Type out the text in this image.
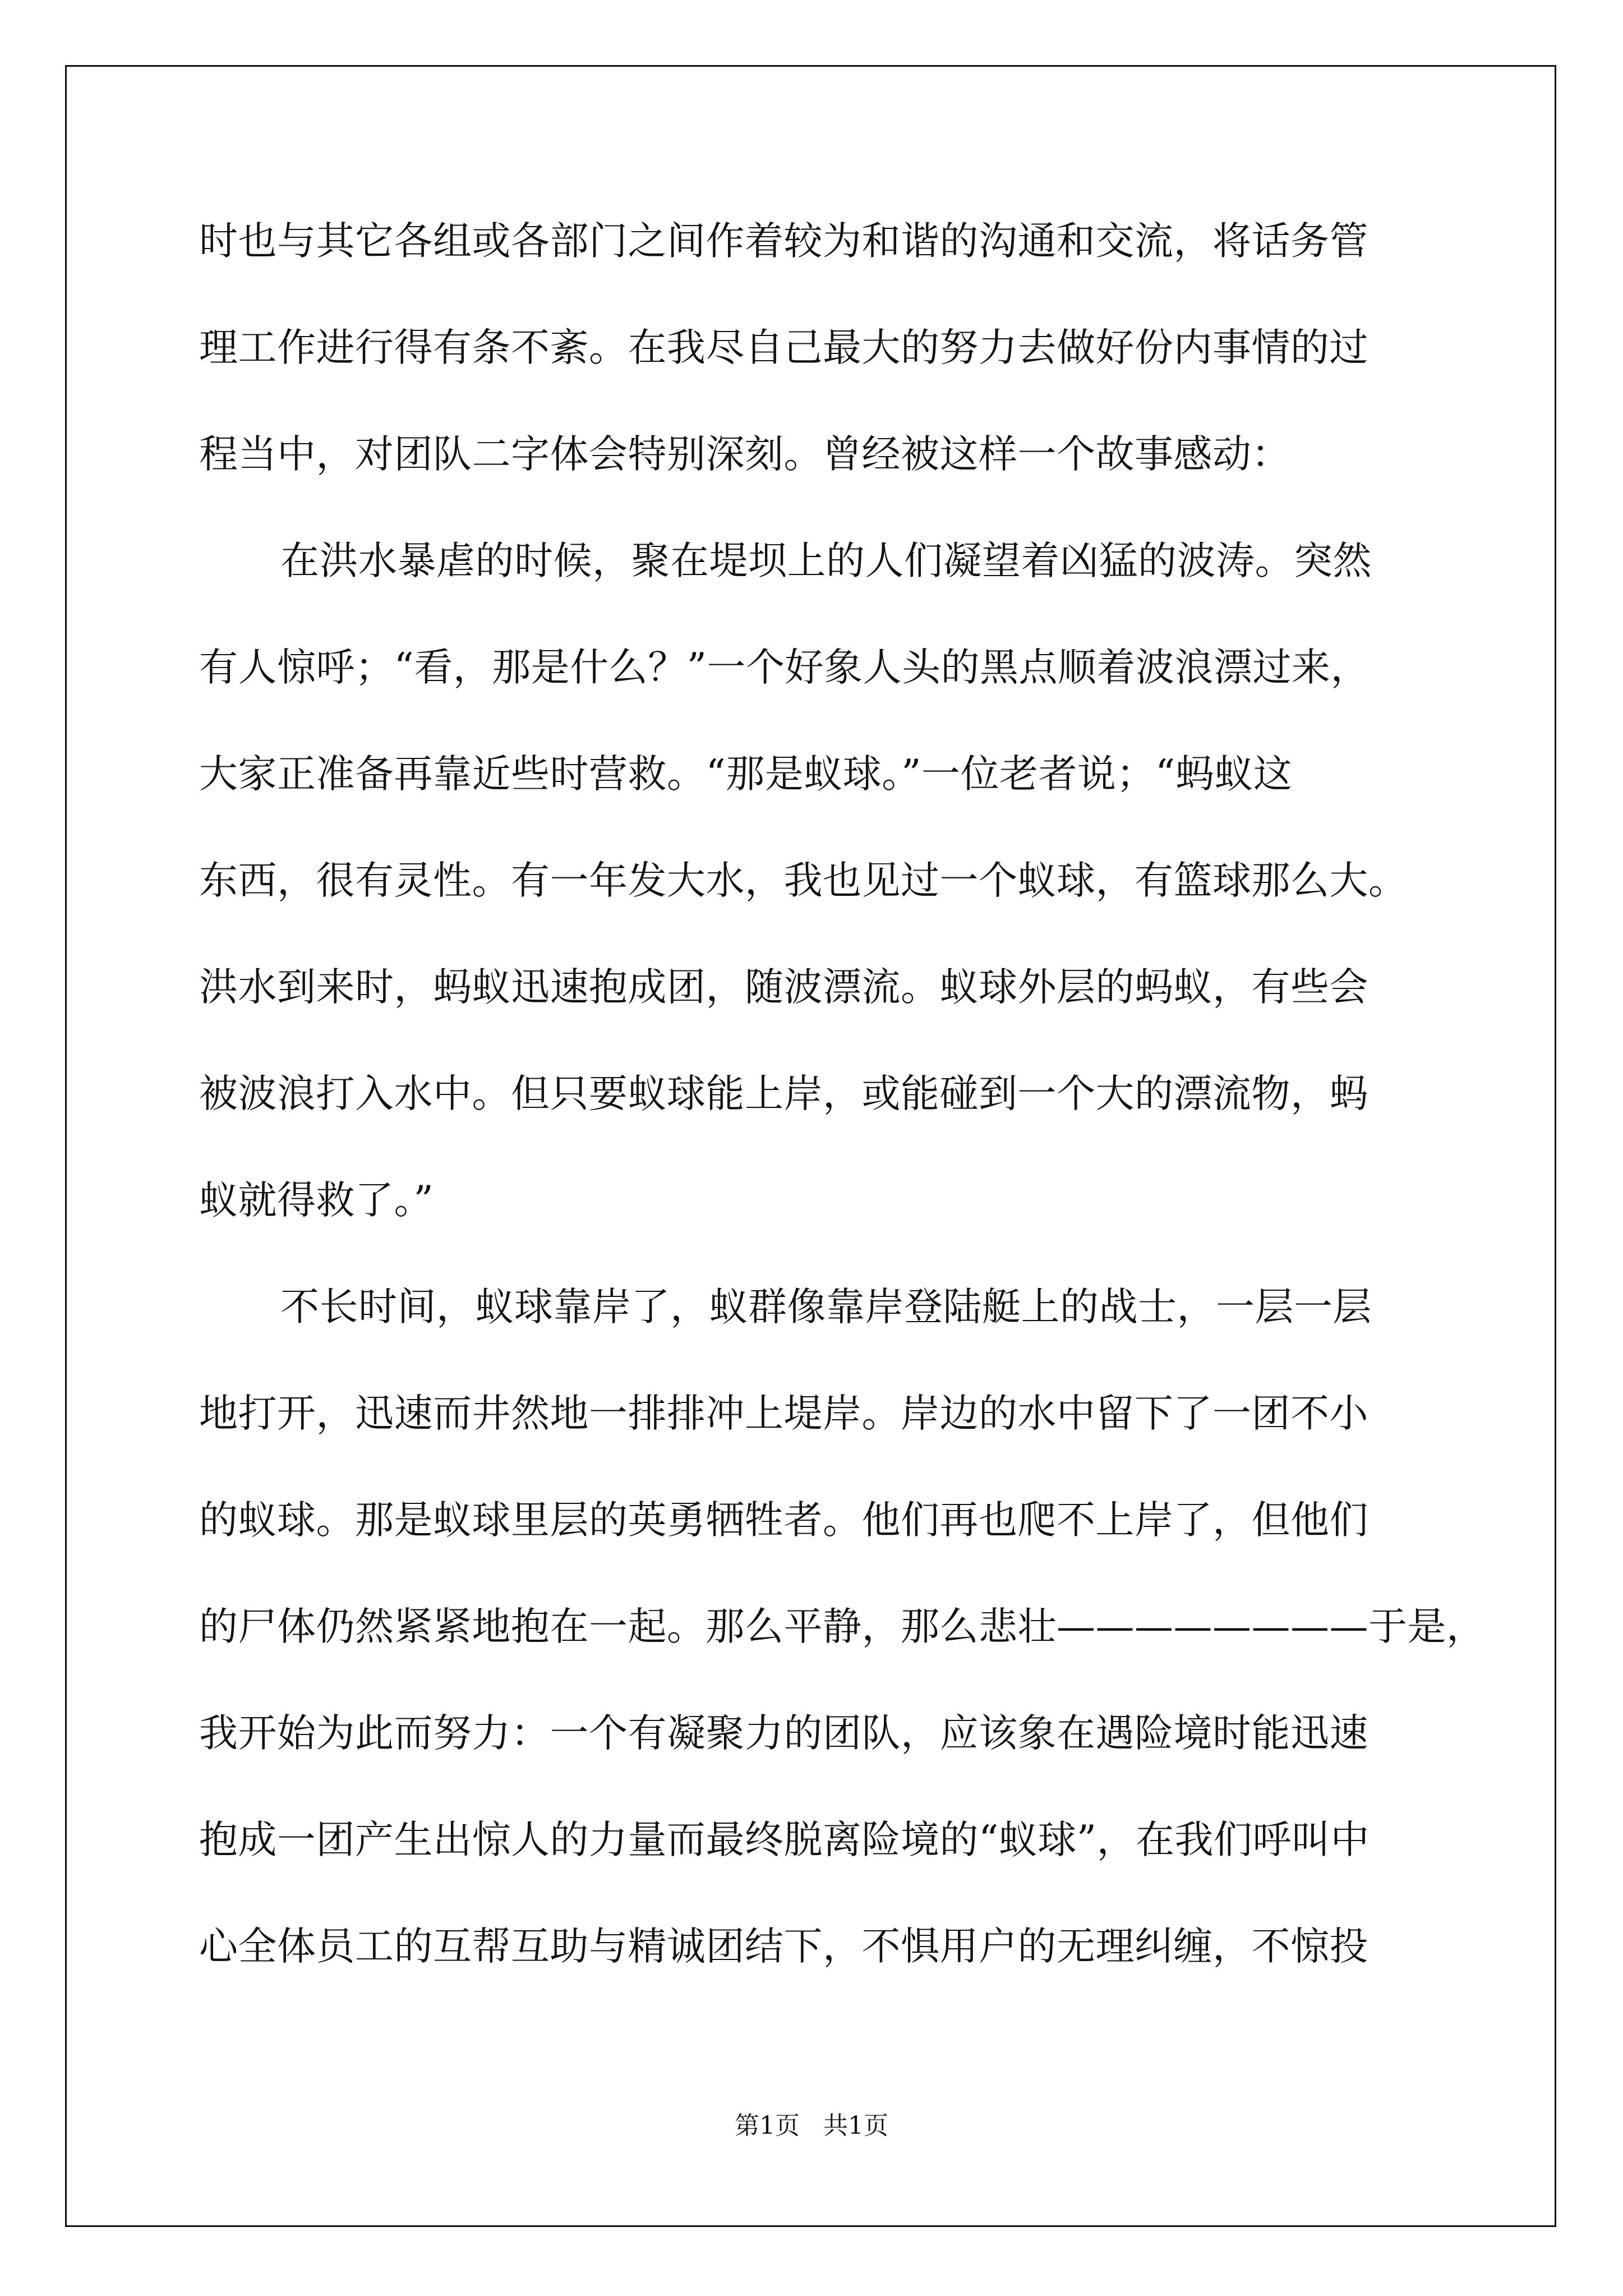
时也与其它各组或各部门之间作着较为和谐的沟通和交流，将话务管
理工作进行得有条不紊。在我尽自己最大的努力去做好份内事情的过
程当中，对团队二字体会特别深刻。曾经被这样一个故事感动：
在洪水暴虐的时候，聚在堤坝上的人们凝望着凶猛的波涛。突然
有人惊呼；“看，那是什么？”一个好象人头的黑点顺着波浪漂过来，
大家正准备再靠近些时营救。“那是蚁球。”一位老者说；“蚂蚁这
东西，很有灵性。有一年发大水，我也见过一个蚁球，有篮球那么大。
洪水到来时，蚂蚁迅速抱成团，随波漂流。蚁球外层的蚂蚁，有些会
被波浪打入水中。但只要蚁球能上岸，或能碰到一个大的漂流物，蚂
蚁就得救了。”
不长时间，蚁球靠岸了，蚁群像靠岸登陆艇上的战士，一层一层
地打开，迅速而井然地一排排冲上堤岸。岸边的水中留下了一团不小
的蚁球。那是蚁球里层的英勇牺牲者。他们再也爬不上岸了，但他们
的尸体仍然紧紧地抱在一起。那么平静，那么悲壮————————于是，
我开始为此而努力：一个有凝聚力的团队，应该象在遇险境时能迅速
抱成一团产生出惊人的力量而最终脱离险境的“蚁球”，在我们呼叫中
心全体员工的互帮互助与精诚团结下，不惧用户的无理纠缠，不惊投
第1页   共1页
